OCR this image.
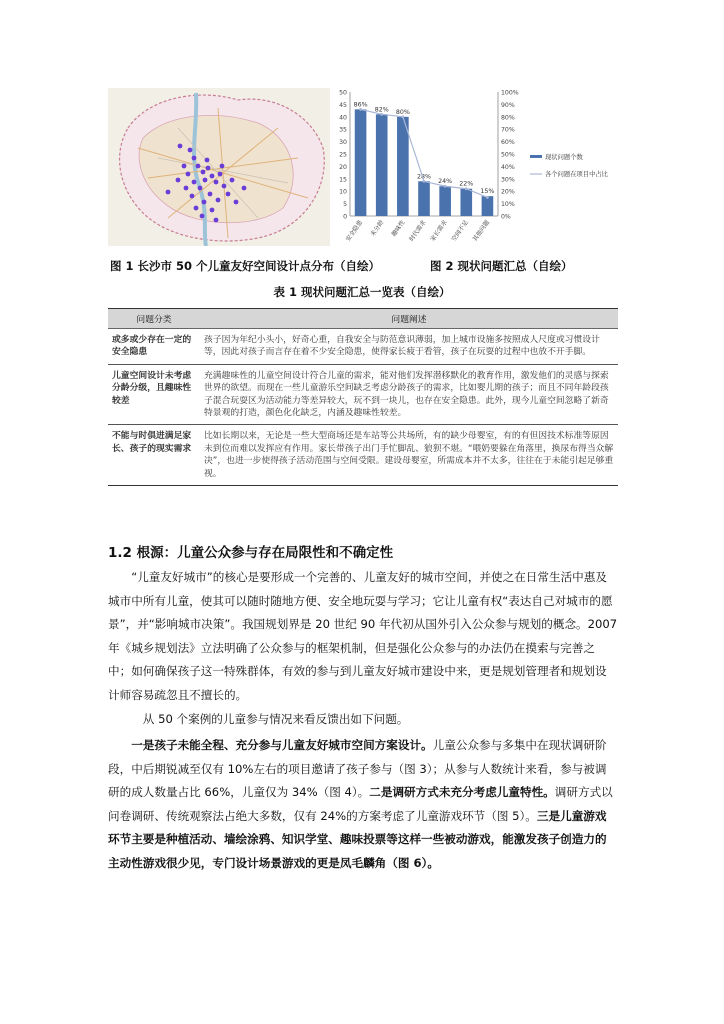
0
5
10
15
20
25
30
35
40
45
50
0%
10%
20%
30%
40%
50%
60%
70%
80%
90%
100%
86%
安全隐患
82%
未分龄
80%
趣味性
28%
时代需求
24%
家长需求
22%
空间不足
15%
其他问题
现状问题个数
各个问题在项目中占比
图 1 长沙市 50 个儿童友好空间设计点分布（自绘）	图 2 现状问题汇总（自绘）
表 1 现状问题汇总一览表（自绘）
问题分类	问题阐述
或多或少存在一定的安全隐患	孩子因为年纪小头小，好奇心重，自我安全与防范意识薄弱，加上城市设施多按照成人尺度或习惯设计等，因此对孩子而言存在着不少安全隐患，使得家长疲于看管，孩子在玩耍的过程中也放不开手脚。
儿童空间设计未考虑分龄分级，且趣味性较差	充满趣味性的儿童空间设计符合儿童的需求，能对他们发挥潜移默化的教育作用，激发他们的灵感与探索世界的欲望。而现在一些儿童游乐空间缺乏考虑分龄孩子的需求，比如婴儿期的孩子；而且不同年龄段孩子混合玩耍区为活动能力等差异较大，玩不到一块儿，也存在安全隐患。此外，现今儿童空间忽略了新奇特景观的打造，颜色化化缺乏，内涵及趣味性较差。
不能与时俱进满足家长、孩子的现实需求	比如长期以来，无论是一些大型商场还是车站等公共场所，有的缺少母婴室，有的有但因技术标准等原因未到位而难以发挥应有作用。家长带孩子出门手忙脚乱、狼狈不堪。“喂奶要躲在角落里，换尿布得当众解决”，也进一步使得孩子活动范围与空间受限。建设母婴室，所需成本并不太多，往往在于未能引起足够重视。
1.2 根源：儿童公众参与存在局限性和不确定性
“儿童友好城市”的核心是要形成一个完善的、儿童友好的城市空间，并使之在日常生活中惠及城市中所有儿童，使其可以随时随地方便、安全地玩耍与学习；它让儿童有权“表达自己对城市的愿景”，并“影响城市决策”。我国规划界是 20 世纪 90 年代初从国外引入公众参与规划的概念。2007 年《城乡规划法》立法明确了公众参与的框架机制，但是强化公众参与的办法仍在摸索与完善之中；如何确保孩子这一特殊群体，有效的参与到儿童友好城市建设中来，更是规划管理者和规划设计师容易疏忽且不擅长的。
从 50 个案例的儿童参与情况来看反馈出如下问题。
一是孩子未能全程、充分参与儿童友好城市空间方案设计。儿童公众参与多集中在现状调研阶段，中后期锐减至仅有 10%左右的项目邀请了孩子参与（图 3）；从参与人数统计来看，参与被调研的成人数量占比 66%，儿童仅为 34%（图 4）。二是调研方式未充分考虑儿童特性。调研方式以问卷调研、传统观察法占绝大多数，仅有 24%的方案考虑了儿童游戏环节（图 5）。三是儿童游戏环节主要是种植活动、墙绘涂鸦、知识学堂、趣味投票等这样一些被动游戏，能激发孩子创造力的主动性游戏很少见，专门设计场景游戏的更是凤毛麟角（图 6）。
